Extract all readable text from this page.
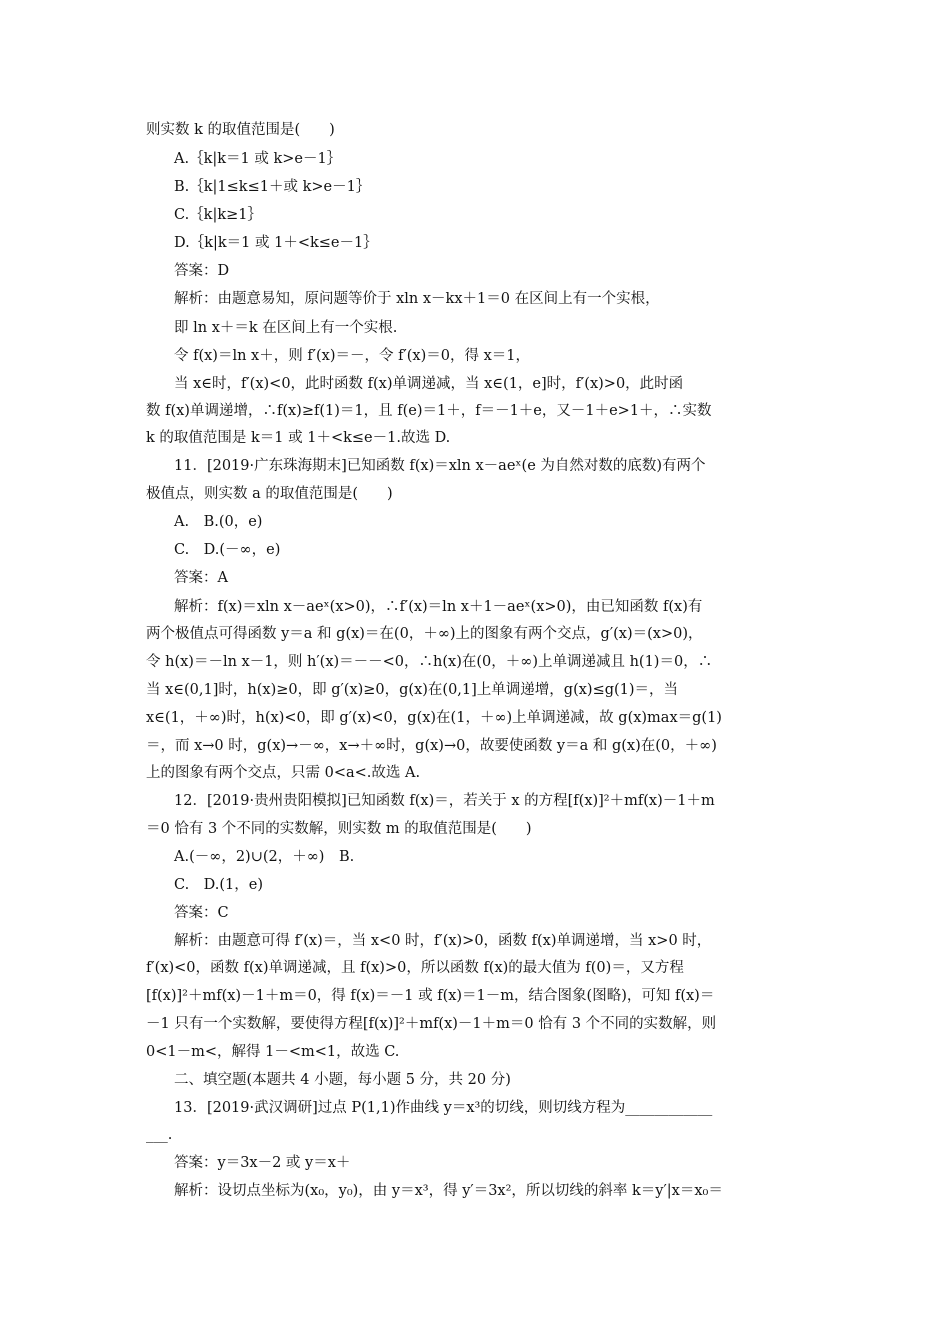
则实数 k 的取值范围是(　　)
A.｛k|k＝1 或 k>e－1｝
B.｛k|1≤k≤1＋或 k>e－1｝
C.｛k|k≥1｝
D.｛k|k＝1 或 1＋<k≤e－1｝
答案：D
解析：由题意易知，原问题等价于 xln x－kx＋1＝0 在区间上有一个实根，
即 ln x＋＝k 在区间上有一个实根.
令 f(x)＝ln x＋，则 f′(x)＝－，令 f′(x)＝0，得 x＝1，
当 x∈时，f′(x)<0，此时函数 f(x)单调递减，当 x∈(1，e]时，f′(x)>0，此时函
数 f(x)单调递增，∴f(x)≥f(1)＝1，且 f(e)＝1＋，f＝－1＋e，又－1＋e>1＋，∴实数
k 的取值范围是 k＝1 或 1＋<k≤e－1.故选 D.
11．[2019·广东珠海期末]已知函数 f(x)＝xln x－aeˣ(e 为自然对数的底数)有两个
极值点，则实数 a 的取值范围是(　　)
A.　B.(0，e)
C.　D.(－∞，e)
答案：A
解析：f(x)＝xln x－aeˣ(x>0)，∴f′(x)＝ln x＋1－aeˣ(x>0)，由已知函数 f(x)有
两个极值点可得函数 y＝a 和 g(x)＝在(0，＋∞)上的图象有两个交点，g′(x)＝(x>0)，
令 h(x)＝－ln x－1，则 h′(x)＝－－<0，∴h(x)在(0，＋∞)上单调递减且 h(1)＝0，∴
当 x∈(0,1]时，h(x)≥0，即 g′(x)≥0，g(x)在(0,1]上单调递增，g(x)≤g(1)＝，当
x∈(1，＋∞)时，h(x)<0，即 g′(x)<0，g(x)在(1，＋∞)上单调递减，故 g(x)max＝g(1)
＝，而 x→0 时，g(x)→－∞，x→＋∞时，g(x)→0，故要使函数 y＝a 和 g(x)在(0，＋∞)
上的图象有两个交点，只需 0<a<.故选 A.
12．[2019·贵州贵阳模拟]已知函数 f(x)＝，若关于 x 的方程[f(x)]²＋mf(x)－1＋m
＝0 恰有 3 个不同的实数解，则实数 m 的取值范围是(　　)
A.(－∞，2)∪(2，＋∞)　B.
C.　D.(1，e)
答案：C
解析：由题意可得 f′(x)＝，当 x<0 时，f′(x)>0，函数 f(x)单调递增，当 x>0 时，
f′(x)<0，函数 f(x)单调递减，且 f(x)>0，所以函数 f(x)的最大值为 f(0)＝，又方程
[f(x)]²＋mf(x)－1＋m＝0，得 f(x)＝－1 或 f(x)＝1－m，结合图象(图略)，可知 f(x)＝
－1 只有一个实数解，要使得方程[f(x)]²＋mf(x)－1＋m＝0 恰有 3 个不同的实数解，则
0<1－m<，解得 1－<m<1，故选 C.
二、填空题(本题共 4 小题，每小题 5 分，共 20 分)
13．[2019·武汉调研]过点 P(1,1)作曲线 y＝x³的切线，则切线方程为____________
___.
答案：y＝3x－2 或 y＝x＋
解析：设切点坐标为(x₀，y₀)，由 y＝x³，得 y′＝3x²，所以切线的斜率 k＝y′|x＝x₀＝
